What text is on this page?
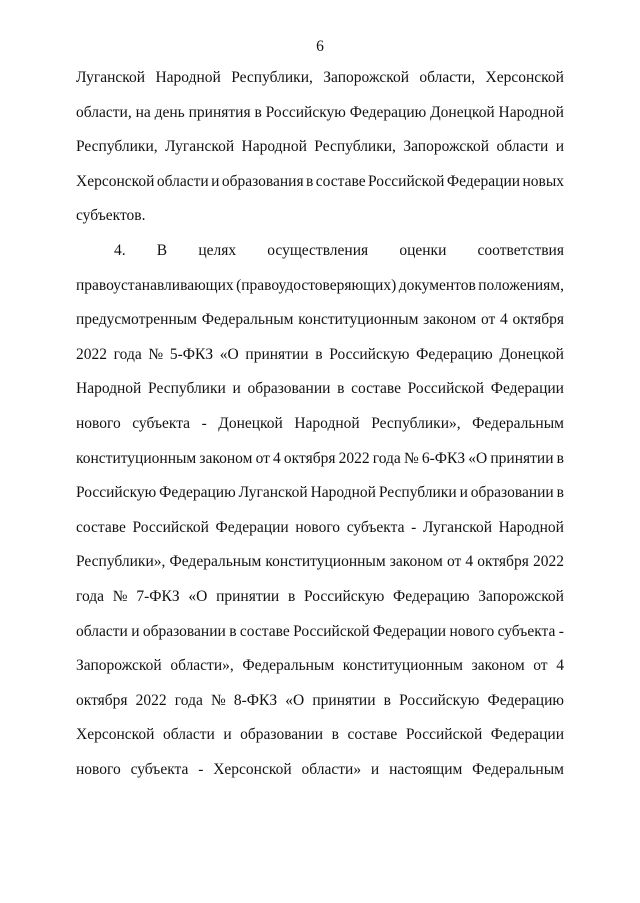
6
Луганской Народной Республики, Запорожской области, Херсонской
области, на день принятия в Российскую Федерацию Донецкой Народной
Республики, Луганской Народной Республики, Запорожской области и
Херсонской области и образования в составе Российской Федерации новых
субъектов.
4. В целях осуществления оценки соответствия
правоустанавливающих (правоудостоверяющих) документов положениям,
предусмотренным Федеральным конституционным законом от 4 октября
2022 года № 5-ФКЗ «О принятии в Российскую Федерацию Донецкой
Народной Республики и образовании в составе Российской Федерации
нового субъекта - Донецкой Народной Республики», Федеральным
конституционным законом от 4 октября 2022 года № 6-ФКЗ «О принятии в
Российскую Федерацию Луганской Народной Республики и образовании в
составе Российской Федерации нового субъекта - Луганской Народной
Республики», Федеральным конституционным законом от 4 октября 2022
года № 7-ФКЗ «О принятии в Российскую Федерацию Запорожской
области и образовании в составе Российской Федерации нового субъекта -
Запорожской области», Федеральным конституционным законом от 4
октября 2022 года № 8-ФКЗ «О принятии в Российскую Федерацию
Херсонской области и образовании в составе Российской Федерации
нового субъекта - Херсонской области» и настоящим Федеральным
